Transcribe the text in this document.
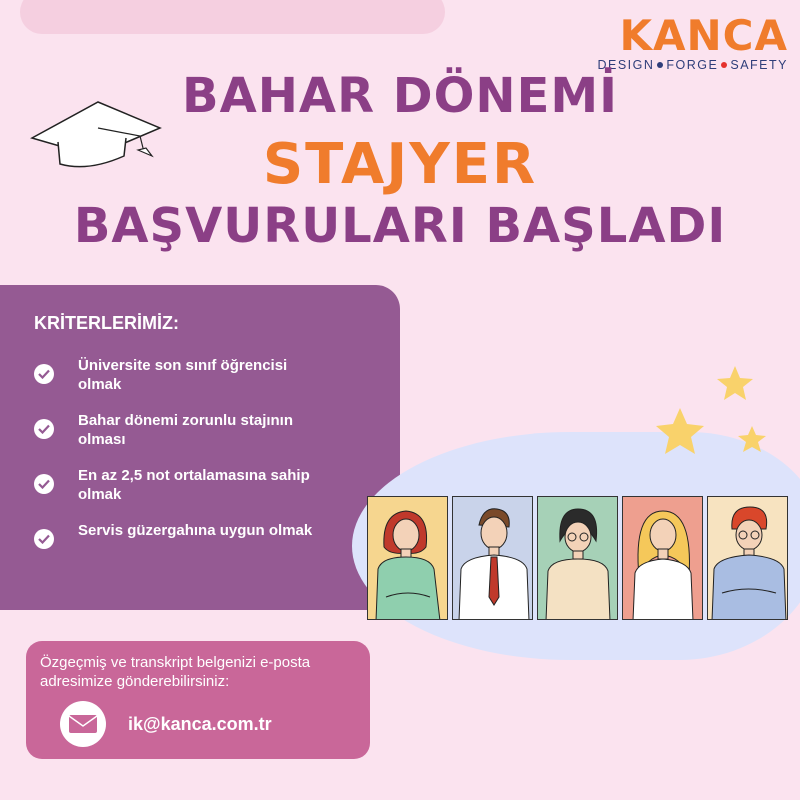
KANCA
DESIGN FORGE SAFETY
BAHAR DÖNEMİ
STAJYER
BAŞVURULARI BAŞLADI
KRİTERLERİMİZ:
Üniversite son sınıf öğrencisi olmak
Bahar dönemi zorunlu stajının olması
En az 2,5 not ortalamasına sahip olmak
Servis güzergahına uygun olmak
Özgeçmiş ve transkript belgenizi e-posta adresimize gönderebilirsiniz:
ik@kanca.com.tr
